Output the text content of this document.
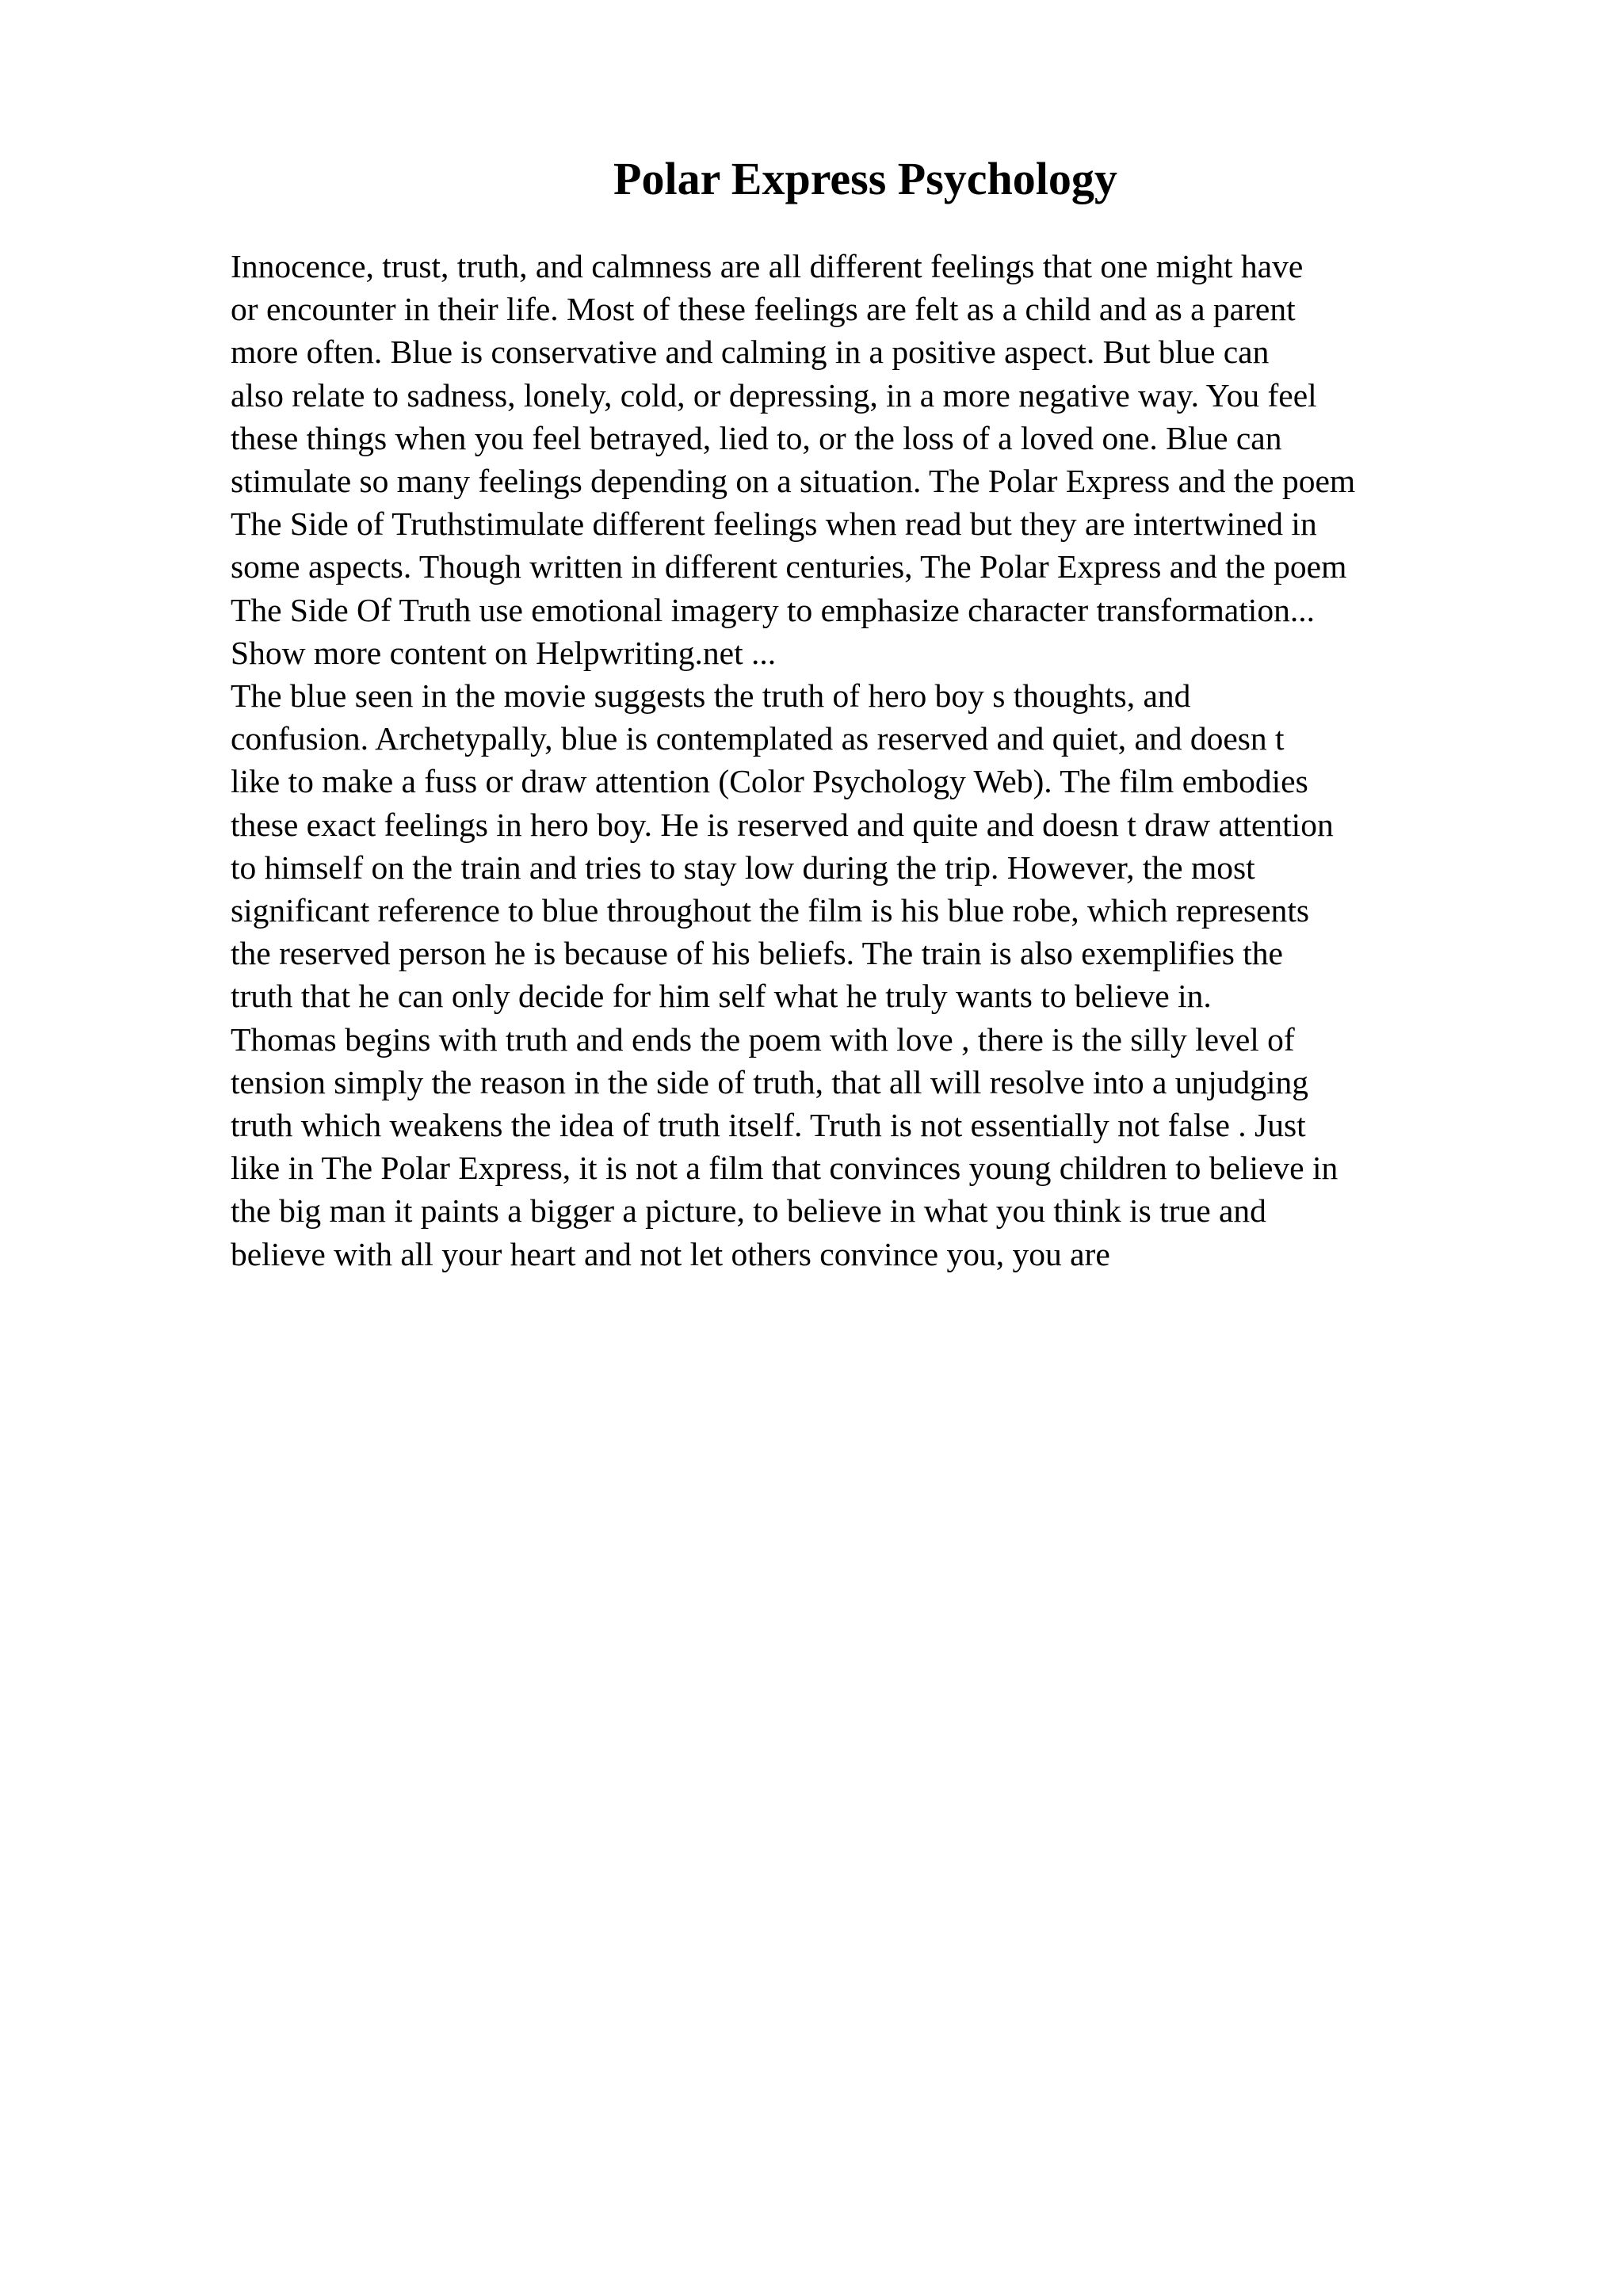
Polar Express Psychology
Innocence, trust, truth, and calmness are all different feelings that one might have
or encounter in their life. Most of these feelings are felt as a child and as a parent
more often. Blue is conservative and calming in a positive aspect. But blue can
also relate to sadness, lonely, cold, or depressing, in a more negative way. You feel
these things when you feel betrayed, lied to, or the loss of a loved one. Blue can
stimulate so many feelings depending on a situation. The Polar Express and the poem
The Side of Truthstimulate different feelings when read but they are intertwined in
some aspects. Though written in different centuries, The Polar Express and the poem
The Side Of Truth use emotional imagery to emphasize character transformation...
Show more content on Helpwriting.net ...
The blue seen in the movie suggests the truth of hero boy s thoughts, and
confusion. Archetypally, blue is contemplated as reserved and quiet, and doesn t
like to make a fuss or draw attention (Color Psychology Web). The film embodies
these exact feelings in hero boy. He is reserved and quite and doesn t draw attention
to himself on the train and tries to stay low during the trip. However, the most
significant reference to blue throughout the film is his blue robe, which represents
the reserved person he is because of his beliefs. The train is also exemplifies the
truth that he can only decide for him self what he truly wants to believe in.
Thomas begins with truth and ends the poem with love , there is the silly level of
tension simply the reason in the side of truth, that all will resolve into a unjudging
truth which weakens the idea of truth itself. Truth is not essentially not false . Just
like in The Polar Express, it is not a film that convinces young children to believe in
the big man it paints a bigger a picture, to believe in what you think is true and
believe with all your heart and not let others convince you, you are
